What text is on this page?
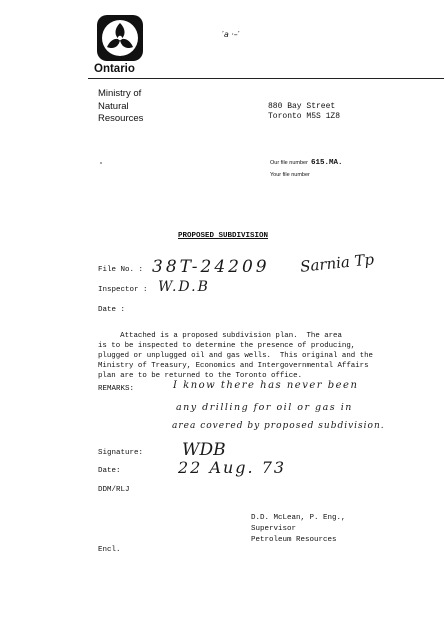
Ontario
′a ·–′
Ministry of
Natural
Resources
880 Bay Street
Toronto M5S 1Z8
Our file number 615.MA.
Your file number
PROPOSED SUBDIVISION
File No. : 38T-24209 Sarnia Tp
Inspector : W.D.B
Date :
Attached is a proposed subdivision plan.  The area
is to be inspected to determine the presence of producing,
plugged or unplugged oil and gas wells.  This original and the
Ministry of Treasury, Economics and Intergovernmental Affairs
plan are to be returned to the Toronto office.
REMARKS:	I know there has never been
any drilling for oil or gas in
area covered by proposed subdivision.
Signature: WDB
Date:	22 Aug. 73
DDM/RLJ
D.D. McLean, P. Eng.,
Supervisor
Petroleum Resources
Encl.
